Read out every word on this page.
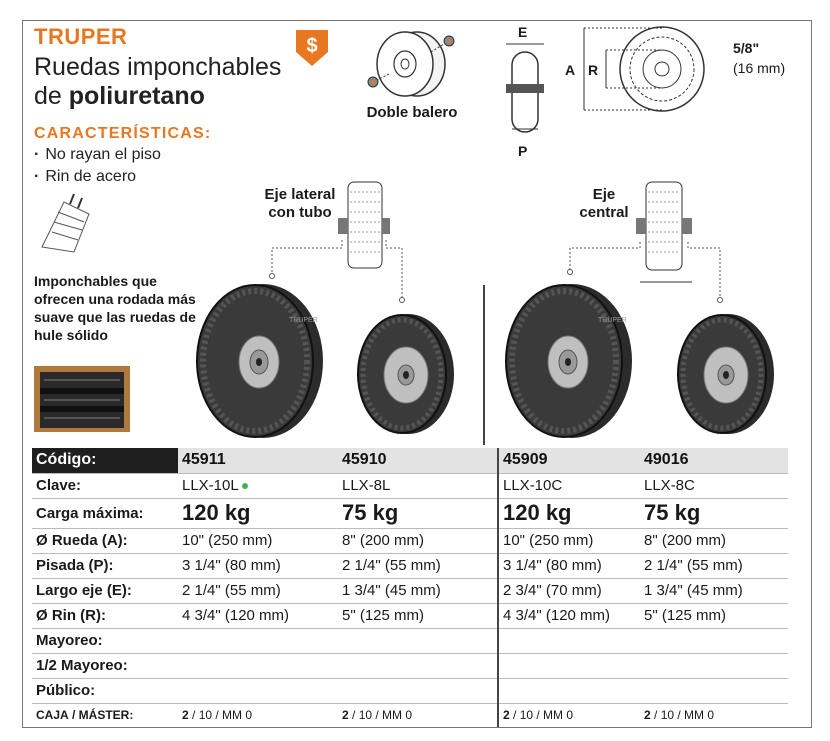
TRUPER	$
Ruedas imponchables
de poliuretano
CARACTERÍSTICAS:
· No rayan el piso
· Rin de acero
Doble balero
E
P
A R
5/8"
(16 mm)
Imponchables que ofrecen una rodada más suave que las ruedas de hule sólido
Eje lateral con tubo
Eje central
TRUPER	TRUPER
Código:	45911	45910	45909	49016
Clave:	LLX-10L	LLX-8L	LLX-10C	LLX-8C
Carga máxima:	120 kg	75 kg	120 kg	75 kg
Ø Rueda (A):	10" (250 mm)	8" (200 mm)	10" (250 mm)	8" (200 mm)
Pisada (P):	3 1/4" (80 mm)	2 1/4" (55 mm)	3 1/4" (80 mm)	2 1/4" (55 mm)
Largo eje (E):	2 1/4" (55 mm)	1 3/4" (45 mm)	2 3/4" (70 mm)	1 3/4" (45 mm)
Ø Rin (R):	4 3/4" (120 mm)	5" (125 mm)	4 3/4" (120 mm)	5" (125 mm)
Mayoreo:				
1/2 Mayoreo:				
Público:				
CAJA / MÁSTER:	2 / 10 / MM 0	2 / 10 / MM 0	2 / 10 / MM 0	2 / 10 / MM 0
